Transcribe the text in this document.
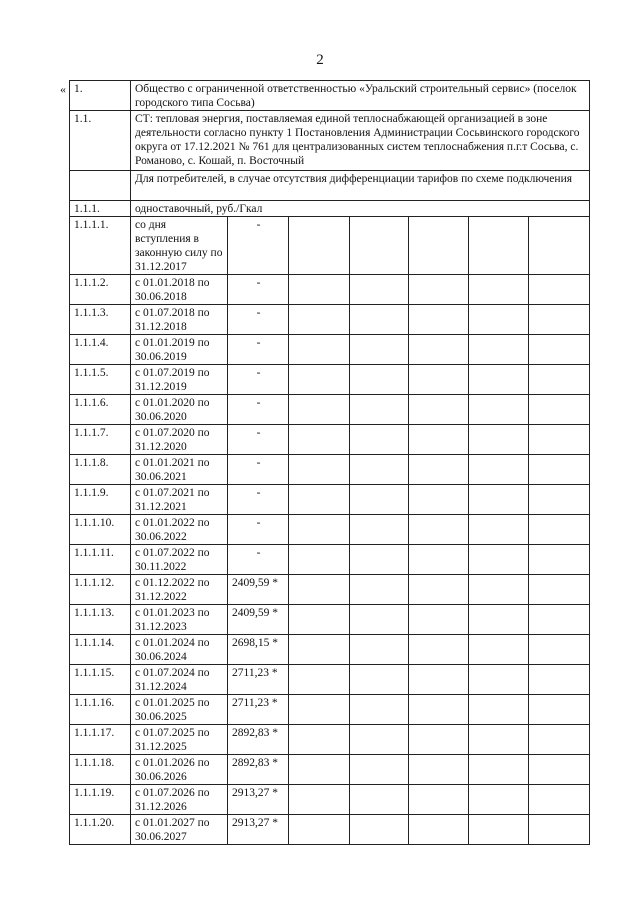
2
« 1.	Общество с ограниченной ответственностью «Уральский строительный сервис» (поселок городского типа Сосьва)						
1.1.	СТ: тепловая энергия, поставляемая единой теплоснабжающей организацией в зоне деятельности согласно пункту 1 Постановления Администрации Сосьвинского городского округа от 17.12.2021 № 761 для централизованных систем теплоснабжения п.г.т Сосьва, с. Романово, с. Кошай, п. Восточный						
	Для потребителей, в случае отсутствия дифференциации тарифов по схеме подключения						
1.1.1.	одноставочный, руб./Гкал						
1.1.1.1.	со дня вступления в законную силу по 31.12.2017	-					
1.1.1.2.	с 01.01.2018 по 30.06.2018	-					
1.1.1.3.	с 01.07.2018 по 31.12.2018	-					
1.1.1.4.	с 01.01.2019 по 30.06.2019	-					
1.1.1.5.	с 01.07.2019 по 31.12.2019	-					
1.1.1.6.	с 01.01.2020 по 30.06.2020	-					
1.1.1.7.	с 01.07.2020 по 31.12.2020	-					
1.1.1.8.	с 01.01.2021 по 30.06.2021	-					
1.1.1.9.	с 01.07.2021 по 31.12.2021	-					
1.1.1.10.	с 01.01.2022 по 30.06.2022	-					
1.1.1.11.	с 01.07.2022 по 30.11.2022	-					
1.1.1.12.	с 01.12.2022 по 31.12.2022	2409,59 *					
1.1.1.13.	с 01.01.2023 по 31.12.2023	2409,59 *					
1.1.1.14.	с 01.01.2024 по 30.06.2024	2698,15 *					
1.1.1.15.	с 01.07.2024 по 31.12.2024	2711,23 *					
1.1.1.16.	с 01.01.2025 по 30.06.2025	2711,23 *					
1.1.1.17.	с 01.07.2025 по 31.12.2025	2892,83 *					
1.1.1.18.	с 01.01.2026 по 30.06.2026	2892,83 *					
1.1.1.19.	с 01.07.2026 по 31.12.2026	2913,27 *					
1.1.1.20.	с 01.01.2027 по 30.06.2027	2913,27 *					
